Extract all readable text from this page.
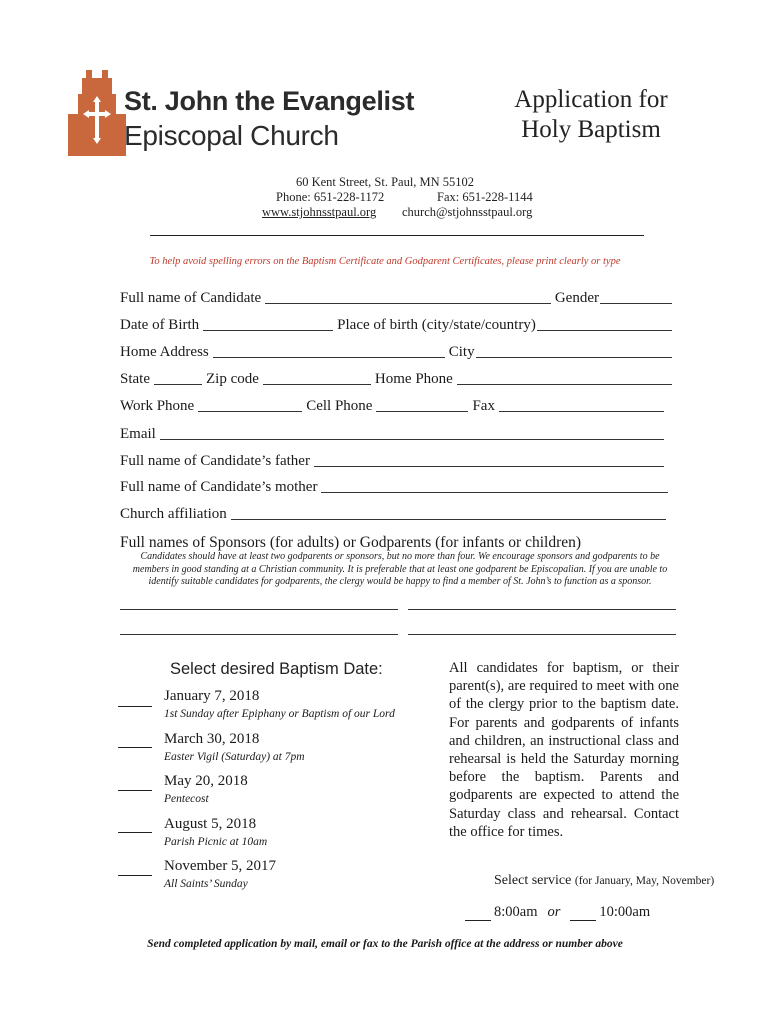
St. John the Evangelist
Episcopal Church
Application for
Holy Baptism
60 Kent Street, St. Paul, MN 55102
Phone: 651-228-1172	Fax: 651-228-1144
www.stjohnsstpaul.org church@stjohnsstpaul.org
To help avoid spelling errors on the Baptism Certificate and Godparent Certificates, please print clearly or type
Full name of Candidate	Gender
Date of Birth	Place of birth (city/state/country)
Home Address	City
State	Zip code	Home Phone
Work Phone	Cell Phone	Fax
Email
Full name of Candidate’s father
Full name of Candidate’s mother
Church affiliation
Full names of Sponsors (for adults) or Godparents (for infants or children)
Candidates should have at least two godparents or sponsors, but no more than four. We encourage sponsors and godparents to be
members in good standing at a Christian community. It is preferable that at least one godparent be Episcopalian. If you are unable to
identify suitable candidates for godparents, the clergy would be happy to find a member of St. John’s to function as a sponsor.
Select desired Baptism Date:
January 7, 2018
1st Sunday after Epiphany or Baptism of our Lord
March 30, 2018
Easter Vigil (Saturday) at 7pm
May 20, 2018
Pentecost
August 5, 2018
Parish Picnic at 10am
November 5, 2017
All Saints’ Sunday
All candidates for baptism, or their parent(s), are required to meet with one of the clergy prior to the baptism date. For parents and godparents of infants and children, an instructional class and rehearsal is held the Saturday morning before the baptism. Parents and godparents are expected to attend the Saturday class and rehearsal. Contact the office for times.
Select service (for January, May, November)
8:00am or	10:00am
Send completed application by mail, email or fax to the Parish office at the address or number above
